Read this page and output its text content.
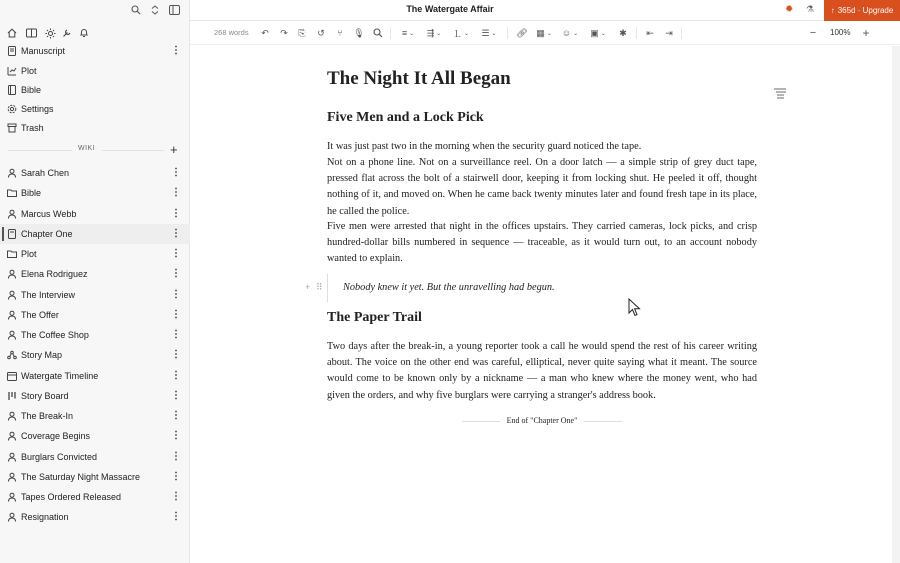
The Watergate Affair	✹ ⚗ ↑ 365d · Upgrade
Manuscript	⋮
Plot
Bible
Settings
Trash
WIKI	+
Sarah Chen	⋮
Bible	⋮
Marcus Webb	⋮
Chapter One	⋮
Plot	⋮
Elena Rodriguez	⋮
The Interview	⋮
The Offer	⋮
The Coffee Shop	⋮
Story Map	⋮
Watergate Timeline	⋮
Story Board	⋮
The Break-In	⋮
Coverage Begins	⋮
Burglars Convicted	⋮
The Saturday Night Massacre	⋮
Tapes Ordered Released	⋮
Resignation	⋮
268 words ↶ ↷ ⎘ ↺ ⑂ 🎙︎	≡ ⌄ ⇶ ⌄ ⒈ ⌄ ☰ ⌄ 🔗︎ ▦ ⌄ ☺ ⌄ ▣ ⌄ ✱ ⇤ ⇥	− 100% +
The Night It All Began
Five Men and a Lock Pick
It was just past two in the morning when the security guard noticed the tape.
Not on a phone line. Not on a surveillance reel. On a door latch — a simple strip of grey duct tape, pressed flat across the bolt of a stairwell door, keeping it from locking shut. He peeled it off, thought nothing of it, and moved on. When he came back twenty minutes later and found fresh tape in its place, he called the police.
Five men were arrested that night in the offices upstairs. They carried cameras, lock picks, and crisp hundred-dollar bills numbered in sequence — traceable, as it would turn out, to an account nobody wanted to explain.
Nobody knew it yet. But the unravelling had begun.
The Paper Trail
Two days after the break-in, a young reporter took a call he would spend the rest of his career writing about. The voice on the other end was careful, elliptical, never quite saying what it meant. The source would come to be known only by a nickname — a man who knew where the money went, who had given the orders, and why five burglars were carrying a stranger's address book.
End of "Chapter One"
+ ⠿
